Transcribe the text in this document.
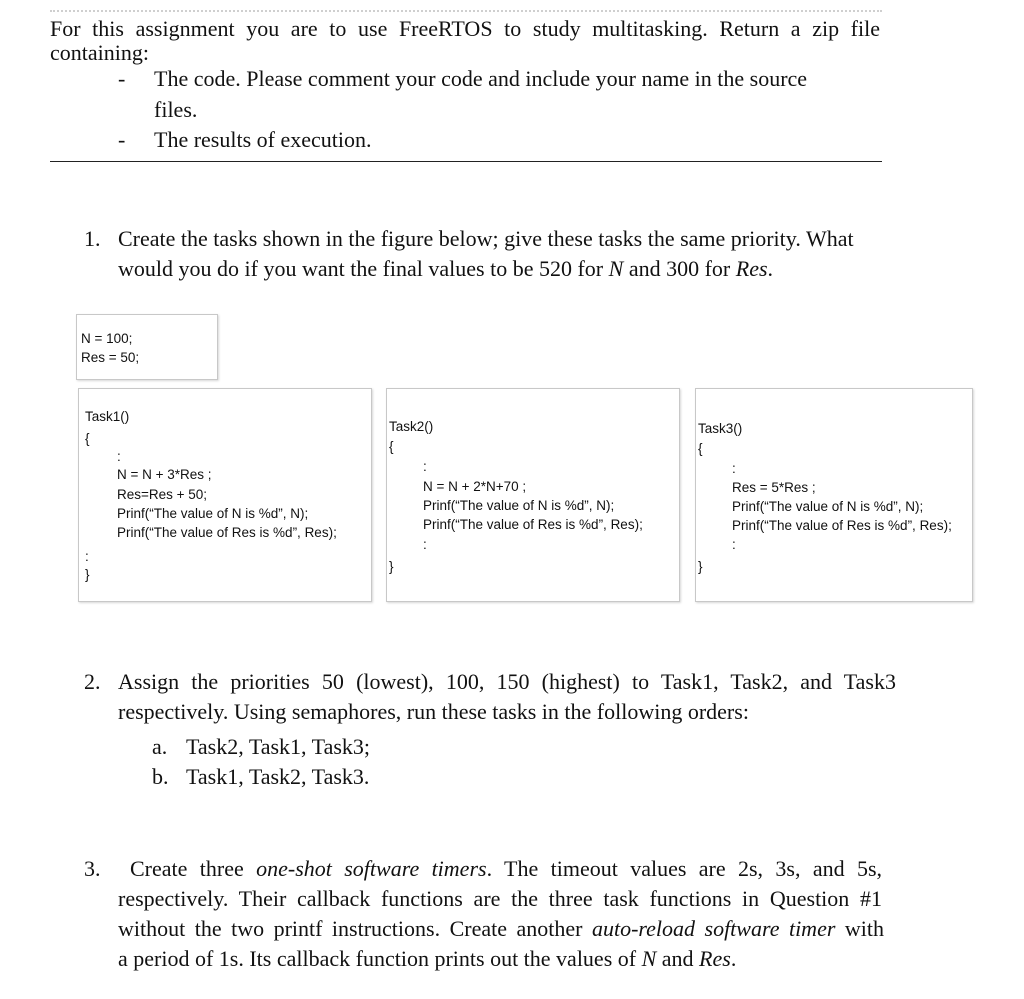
For this assignment you are to use FreeRTOS to study multitasking. Return a zip file
containing:
- The code. Please comment your code and include your name in the source
files.
- The results of execution.
1. Create the tasks shown in the figure below; give these tasks the same priority. What
would you do if you want the final values to be 520 for N and 300 for Res.
N = 100;
Res = 50;
Task1()
{
:
N = N + 3*Res ;
Res=Res + 50;
Prinf(“The value of N is %d”, N);
Prinf(“The value of Res is %d”, Res);
:
}
Task2()
{
:
N = N + 2*N+70 ;
Prinf(“The value of N is %d”, N);
Prinf(“The value of Res is %d”, Res);
:
}
Task3()
{
:
Res = 5*Res ;
Prinf(“The value of N is %d”, N);
Prinf(“The value of Res is %d”, Res);
:
}
2. Assign the priorities 50 (lowest), 100, 150 (highest) to Task1, Task2, and Task3
respectively. Using semaphores, run these tasks in the following orders:
a. Task2, Task1, Task3;
b. Task1, Task2, Task3.
3. Create three one-shot software timers. The timeout values are 2s, 3s, and 5s,
respectively. Their callback functions are the three task functions in Question #1
without the two printf instructions. Create another auto-reload software timer with
a period of 1s. Its callback function prints out the values of N and Res.
